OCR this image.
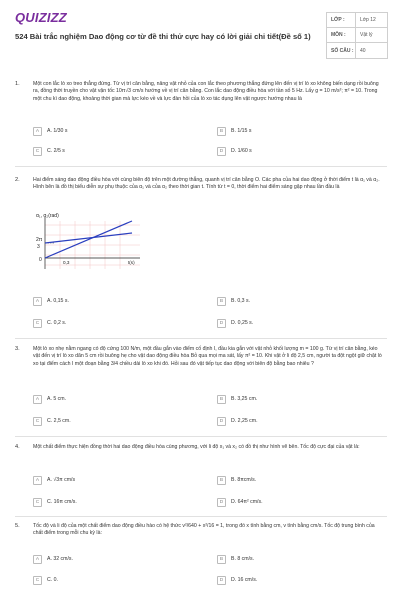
QUIZIZZ
524 Bài trắc nghiệm Dao động cơ từ đề thi thử cực hay có lời giải chi tiết(Đề số 1)
LỚP :	Lớp 12
MÔN :	Vật lý
SỐ CÂU :	40
1.	Một con lắc lò xo treo thẳng đứng. Từ vị trí cân bằng, nâng vật nhỏ của con lắc theo phương thẳng đứng lên đến vị trí lò xo không biến dạng rồi buông ra, đồng thời truyền cho vật vận tốc 10π√3 cm/s hướng về vị trí cân bằng. Con lắc dao động điều hòa với tần số 5 Hz. Lấy g = 10 m/s²; π² = 10. Trong một chu kì dao động, khoảng thời gian mà lực kéo về và lực đàn hồi của lò xo tác dụng lên vật ngược hướng nhau là
A	A. 1/30 s	B	B. 1/15 s
C	C. 2/5 s	D	D. 1/60 s
2.	Hai điểm sáng dao động điều hòa với cùng biên độ trên một đường thẳng, quanh vị trí cân bằng O. Các pha của hai dao động ở thời điểm t là α₁ và α₂. Hình bên là đồ thị biểu diễn sự phụ thuộc của α₁ và của α₂ theo thời gian t. Tính từ t = 0, thời điểm hai điểm sáng gặp nhau lần đầu là
α₁, α₂(rad)
2π
3
0	0,3	t(s)
A	A. 0,15 s.	B	B. 0,3 s.
C	C. 0,2 s.	D	D. 0,25 s.
3.	Một lò xo nhẹ nằm ngang có độ cứng 100 N/m, một đầu gắn vào điểm cố định I, đầu kia gắn với vật nhỏ khối lượng m = 100 g. Từ vị trí cân bằng, kéo vật đến vị trí lò xo dãn 5 cm rồi buông hẹ cho vật dao động điều hòa Bỏ qua mọi ma sát, lấy π² = 10. Khi vật ở li độ 2,5 cm, người ta đột ngột giữ chặt lò xo tại điểm cách I một đoạn bằng 3/4 chiều dài lò xo khi đó. Hỏi sau đó vật tiếp tục dao động với biên độ bằng bao nhiêu ?
A	A. 5 cm.	B	B. 3,25 cm.
C	C. 2,5 cm.	D	D. 2,25 cm.
4.	Một chất điểm thực hiện đồng thời hai dao động điều hòa cùng phương, với li độ x₁ và x₂ có đồ thị như hình vẽ bên. Tốc độ cực đại của vật là:
A	A. √3π cm/s	B	B. 8πcm/s.
C	C. 16π cm/s.	D	D. 64π² cm/s.
5.	Tốc độ và li độ của một chất điểm dao động điều hào có hệ thức v²/640 + x²/16 = 1, trong đó x tính bằng cm, v tính bằng cm/s. Tốc độ trung bình của chất điểm trong mỗi chu kỳ là:
A	A. 32 cm/s.	B	B. 8 cm/s.
C	C. 0.	D	D. 16 cm/s.
